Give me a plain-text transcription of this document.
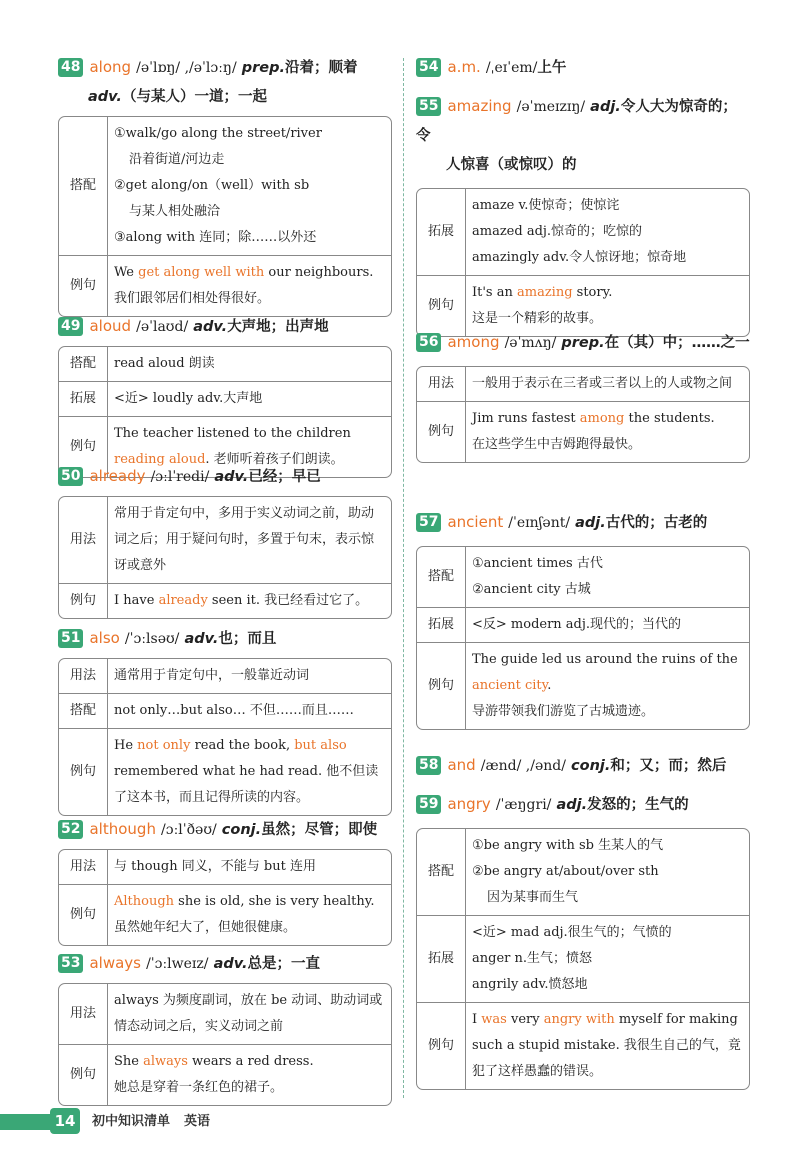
48 along /əˈlɒŋ/ ,/əˈlɔːŋ/ prep.沿着；顺着
adv.（与某人）一道；一起
搭配	①walk/go along the street/river
沿着街道/河边走
②get along/on（well）with sb
与某人相处融洽
③along with 连同；除……以外还

例句	We get along well with our neighbours.
我们跟邻居们相处得很好。
49 aloud /əˈlaʊd/ adv.大声地；出声地
搭配	read aloud 朗读
拓展	<近> loudly adv.大声地
例句	The teacher listened to the children reading aloud. 老师听着孩子们朗读。
50 already /ɔːlˈredi/ adv.已经；早已
用法	常用于肯定句中，多用于实义动词之前，助动词之后；用于疑问句时，多置于句末，表示惊讶或意外
例句	I have already seen it. 我已经看过它了。
51 also /ˈɔːlsəʊ/ adv.也；而且
用法	通常用于肯定句中，一般靠近动词
搭配	not only…but also… 不但……而且……
例句	He not only read the book, but also remembered what he had read. 他不但读了这本书，而且记得所读的内容。
52 although /ɔːlˈðəʊ/ conj.虽然；尽管；即使
用法	与 though 同义，不能与 but 连用
例句	Although she is old, she is very healthy.
虽然她年纪大了，但她很健康。
53 always /ˈɔːlweɪz/ adv.总是；一直
用法	always 为频度副词，放在 be 动词、助动词或情态动词之后，实义动词之前
例句	She always wears a red dress.
她总是穿着一条红色的裙子。
54 a.m. /ˌeɪˈem/上午
55 amazing /əˈmeɪzɪŋ/ adj.令人大为惊奇的；令
人惊喜（或惊叹）的
拓展	amaze v.使惊奇；使惊诧
amazed adj.惊奇的；吃惊的
amazingly adv.令人惊讶地；惊奇地

例句	It's an amazing story.
这是一个精彩的故事。
56 among /əˈmʌŋ/ prep.在（其）中；……之一
用法	一般用于表示在三者或三者以上的人或物之间
例句	Jim runs fastest among the students.
在这些学生中吉姆跑得最快。
57 ancient /ˈeɪnʃənt/ adj.古代的；古老的
搭配	①ancient times 古代
②ancient city 古城

拓展	<反> modern adj.现代的；当代的
例句	The guide led us around the ruins of the ancient city.
导游带领我们游览了古城遗迹。
58 and /ænd/ ,/ənd/ conj.和；又；而；然后
59 angry /ˈæŋgri/ adj.发怒的；生气的
搭配	①be angry with sb 生某人的气
②be angry at/about/over sth
因为某事而生气

拓展	<近> mad adj.很生气的；气愤的
anger n.生气；愤怒
angrily adv.愤怒地

例句	I was very angry with myself for making such a stupid mistake. 我很生自己的气，竟犯了这样愚蠢的错误。
14	初中知识清单 英语
